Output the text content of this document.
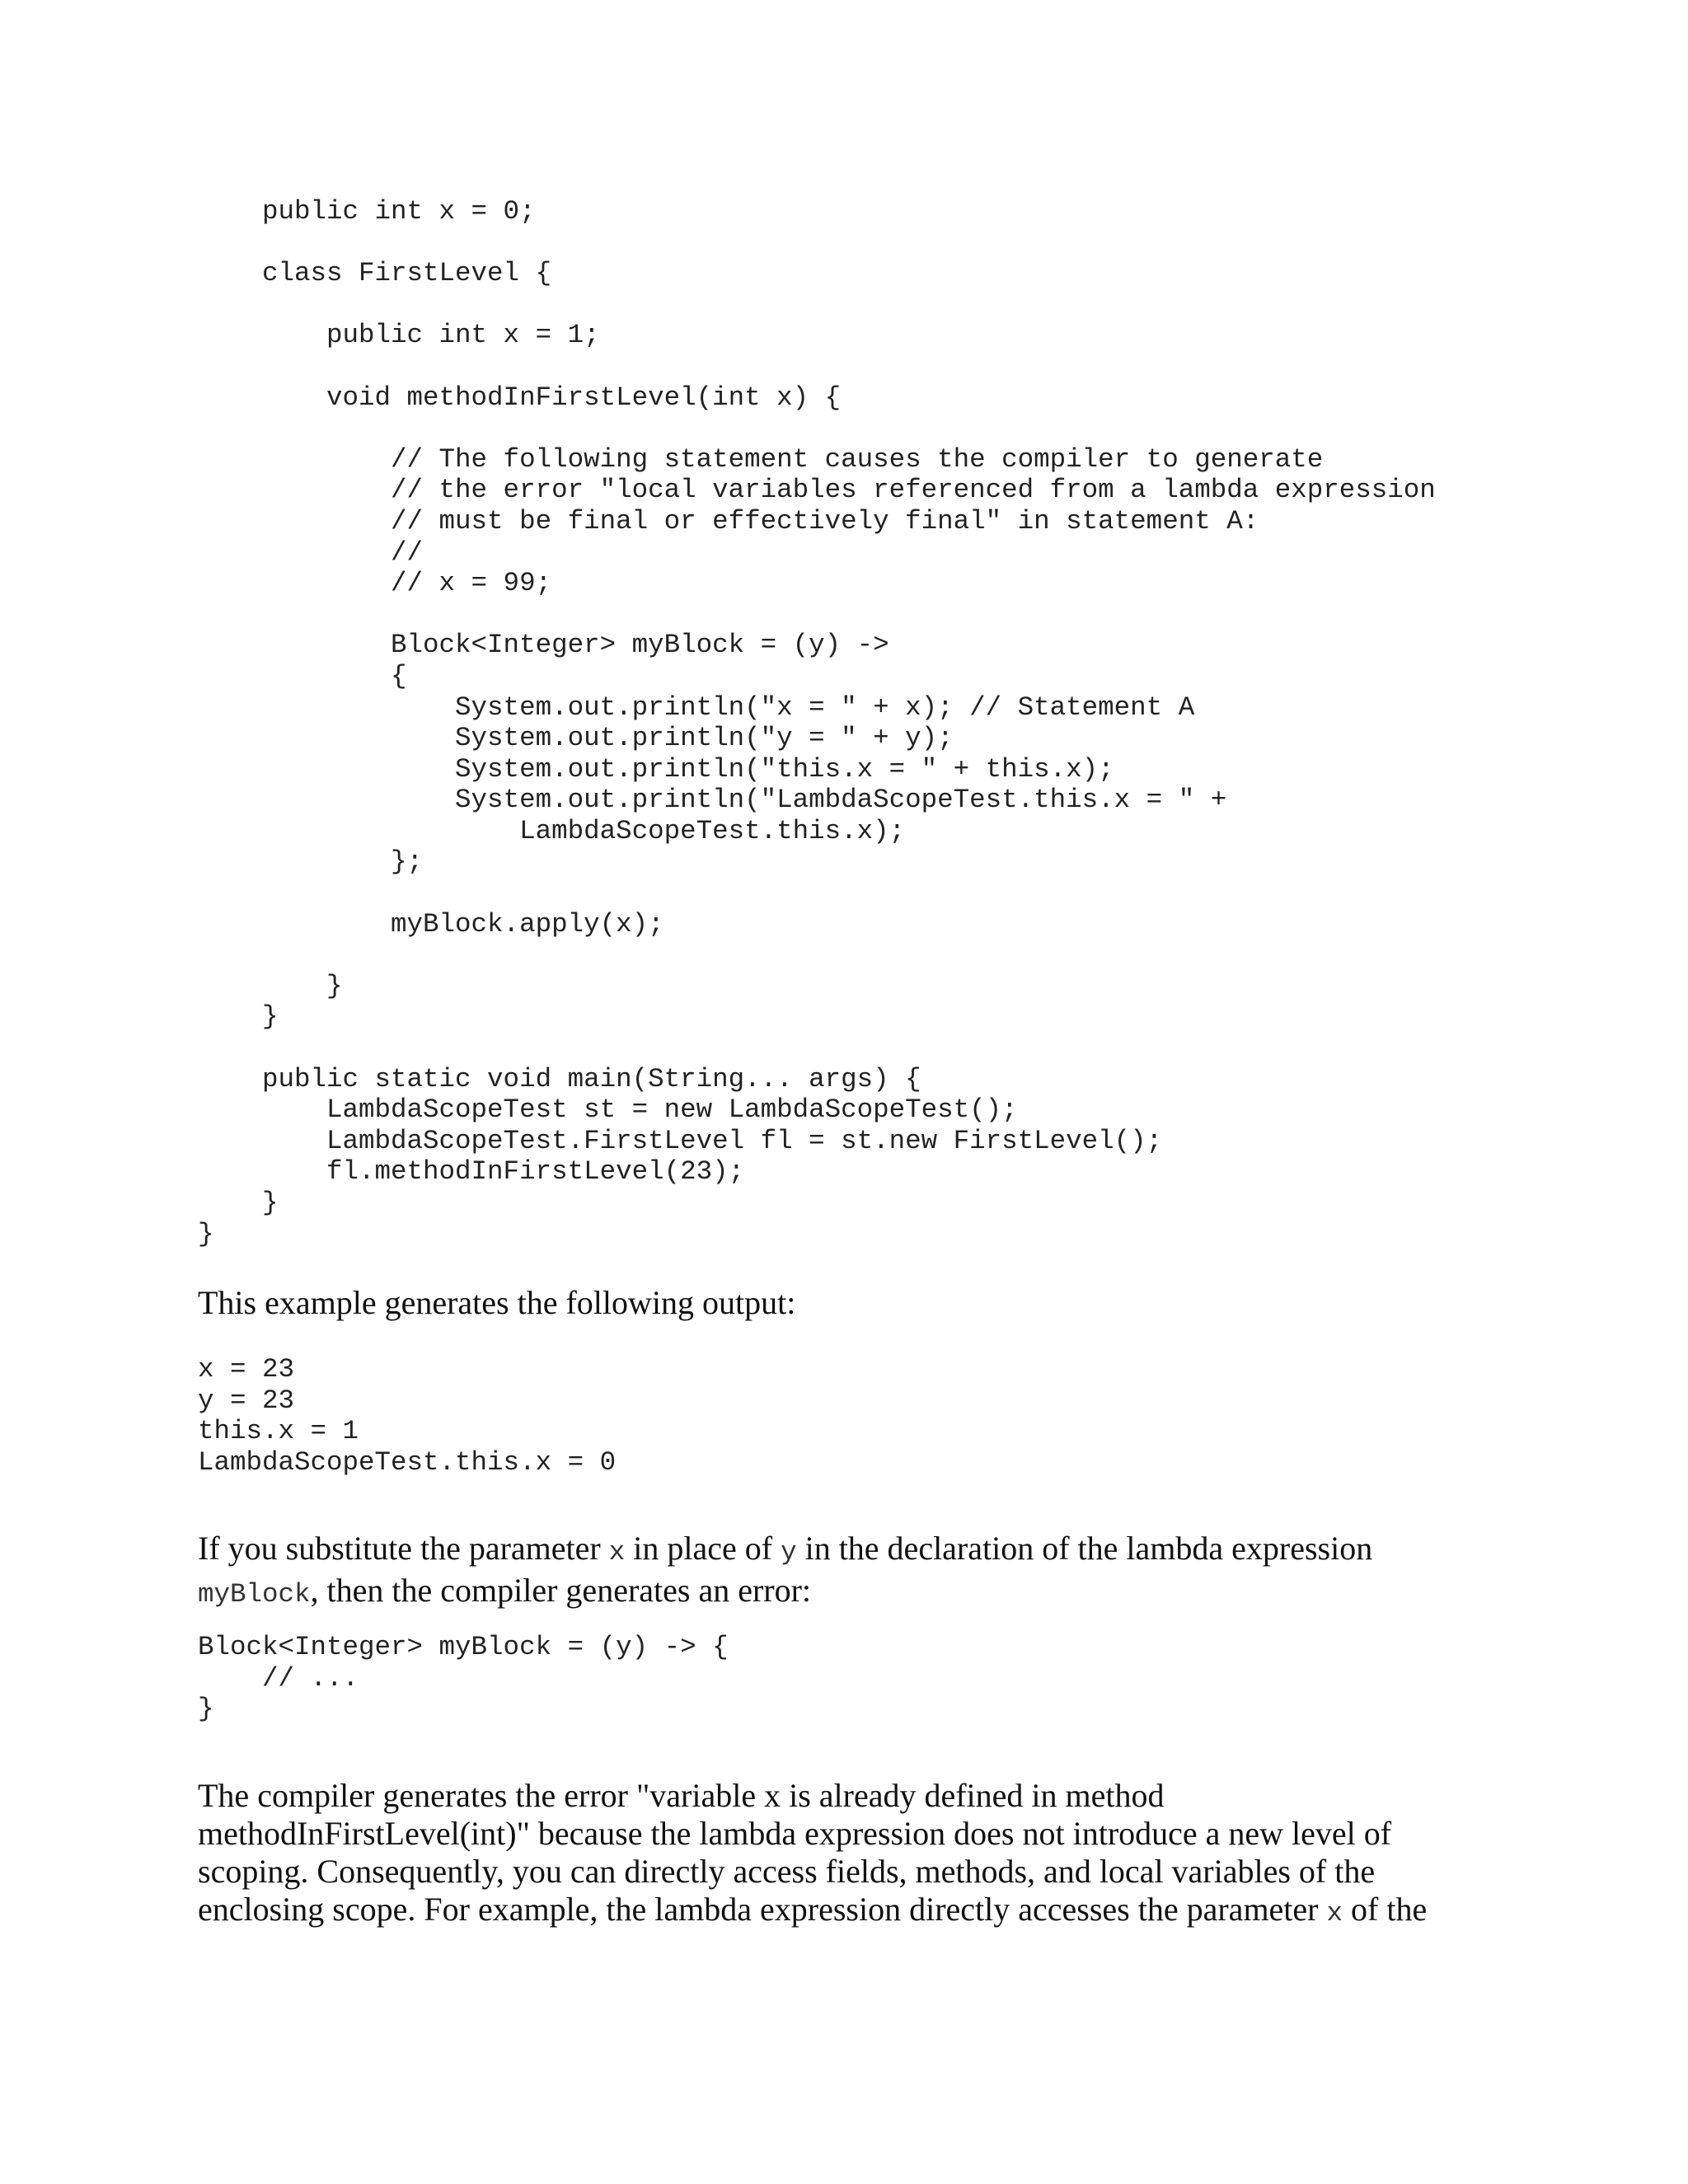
public int x = 0;
class FirstLevel {
public int x = 1;
void methodInFirstLevel(int x) {
// The following statement causes the compiler to generate
// the error "local variables referenced from a lambda expression
// must be final or effectively final" in statement A:
//
// x = 99;
Block<Integer> myBlock = (y) ->
{
System.out.println("x = " + x); // Statement A
System.out.println("y = " + y);
System.out.println("this.x = " + this.x);
System.out.println("LambdaScopeTest.this.x = " +
LambdaScopeTest.this.x);
};
myBlock.apply(x);
}
}
public static void main(String... args) {
LambdaScopeTest st = new LambdaScopeTest();
LambdaScopeTest.FirstLevel fl = st.new FirstLevel();
fl.methodInFirstLevel(23);
}
}

This example generates the following output:

x = 23
y = 23
this.x = 1
LambdaScopeTest.this.x = 0

If you substitute the parameter x in place of y in the declaration of the lambda expression myBlock, then the compiler generates an error:

Block<Integer> myBlock = (y) -> {
// ...
}

The compiler generates the error "variable x is already defined in method methodInFirstLevel(int)" because the lambda expression does not introduce a new level of scoping. Consequently, you can directly access fields, methods, and local variables of the enclosing scope. For example, the lambda expression directly accesses the parameter x of the
